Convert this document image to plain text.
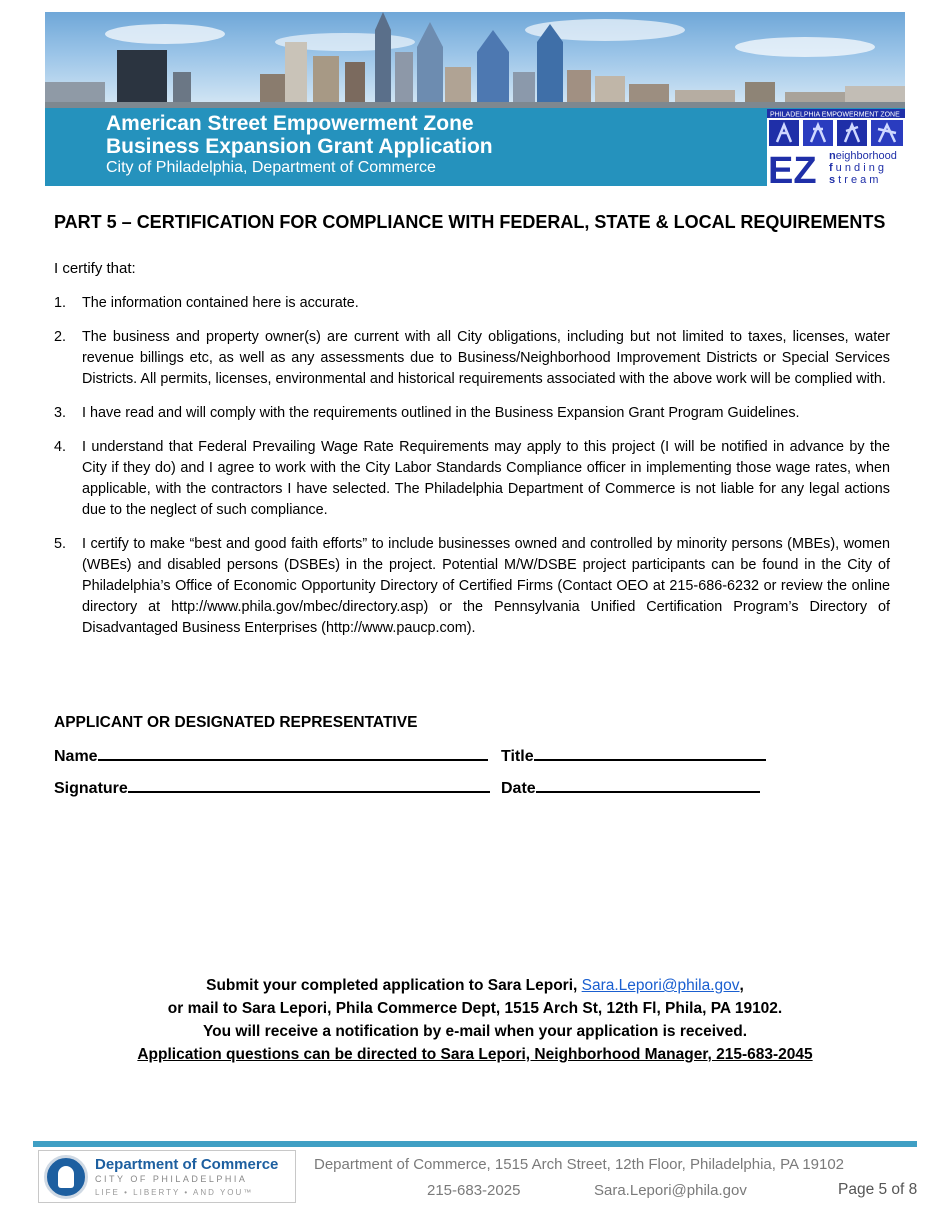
American Street Empowerment Zone
Business Expansion Grant Application
City of Philadelphia, Department of Commerce
PHILADELPHIA EMPOWERMENT ZONE
EZ neighborhood
f u n d i n g
s t r e a m
PART 5 – CERTIFICATION FOR COMPLIANCE WITH FEDERAL, STATE & LOCAL REQUIREMENTS
I certify that:
1. The information contained here is accurate.
2. The business and property owner(s) are current with all City obligations, including but not limited to taxes, licenses, water revenue billings etc, as well as any assessments due to Business/Neighborhood Improvement Districts or Special Services Districts. All permits, licenses, environmental and historical requirements associated with the above work will be complied with.
3. I have read and will comply with the requirements outlined in the Business Expansion Grant Program Guidelines.
4. I understand that Federal Prevailing Wage Rate Requirements may apply to this project (I will be notified in advance by the City if they do) and I agree to work with the City Labor Standards Compliance officer in implementing those wage rates, when applicable, with the contractors I have selected. The Philadelphia Department of Commerce is not liable for any legal actions due to the neglect of such compliance.
5. I certify to make “best and good faith efforts” to include businesses owned and controlled by minority persons (MBEs), women (WBEs) and disabled persons (DSBEs) in the project. Potential M/W/DSBE project participants can be found in the City of Philadelphia’s Office of Economic Opportunity Directory of Certified Firms (Contact OEO at 215-686-6232 or review the online directory at http://www.phila.gov/mbec/directory.asp) or the Pennsylvania Unified Certification Program’s Directory of Disadvantaged Business Enterprises (http://www.paucp.com).
APPLICANT OR DESIGNATED REPRESENTATIVE
Name	Title
Signature	Date
Submit your completed application to Sara Lepori, Sara.Lepori@phila.gov,
or mail to Sara Lepori, Phila Commerce Dept, 1515 Arch St, 12th Fl, Phila, PA 19102.
You will receive a notification by e-mail when your application is received.
Application questions can be directed to Sara Lepori, Neighborhood Manager, 215-683-2045
Department of Commerce
CITY OF PHILADELPHIA
LIFE • LIBERTY • AND YOU™
Department of Commerce, 1515 Arch Street, 12th Floor, Philadelphia, PA 19102
215-683-2025	Sara.Lepori@phila.gov	Page 5 of 8
